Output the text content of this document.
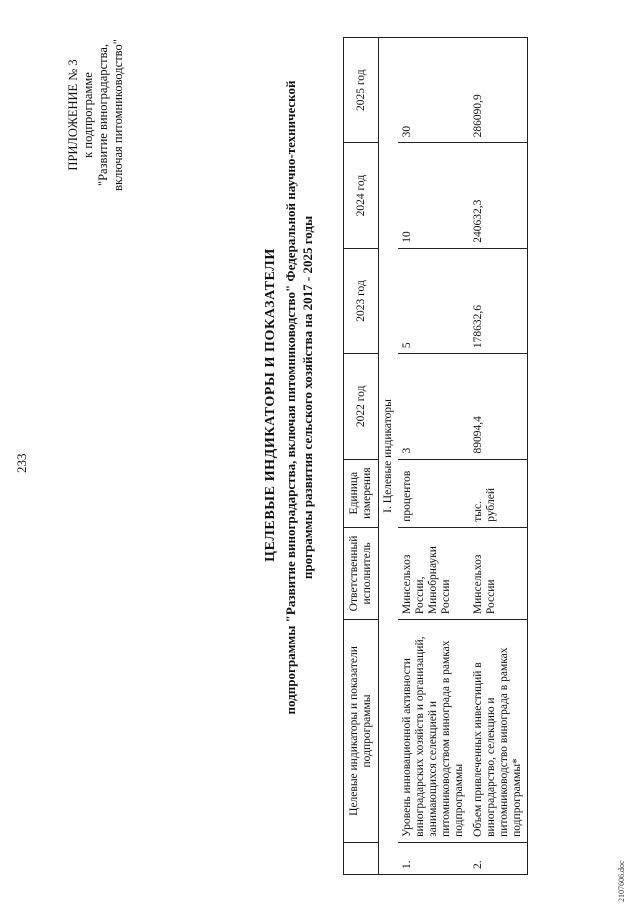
233
ПРИЛОЖЕНИЕ № 3 к подпрограмме "Развитие виноградарства, включая питомниководство"
ЦЕЛЕВЫЕ ИНДИКАТОРЫ И ПОКАЗАТЕЛИ подпрограммы "Развитие виноградарства, включая питомниководство" Федеральной научно-технической программы развития сельского хозяйства на 2017 - 2025 годы
	Целевые индикаторы и показатели подпрограммы	Ответственный исполнитель	Единица измерения	2022 год	2023 год	2024 год	2025 год
I. Целевые индикаторы							
1.	Уровень инновационной активности виноградарских хозяйств и организаций, занимающихся селекцией и питомниководством винограда в рамках подпрограммы	Минсельхоз России, Минобрнауки России	процентов	3	5	10	30
2.	Объем привлеченных инвестиций в виноградарство, селекцию и питомниководство винограда в рамках подпрограммы*	Минсельхоз России	тыс. рублей	89094,4	178632,6	240632,3	286090,9
2107606.doc
